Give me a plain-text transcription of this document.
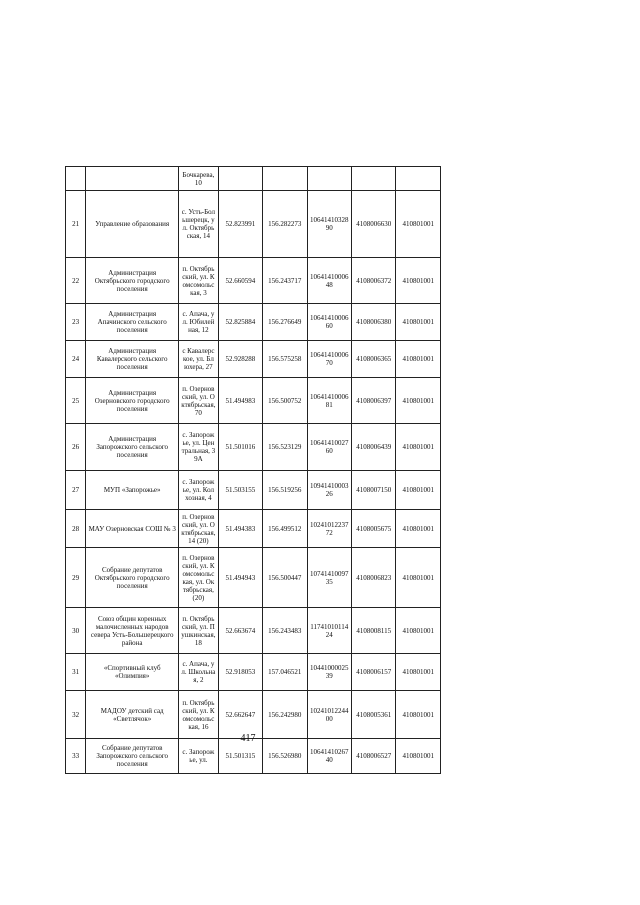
		Бочкарева, 10					
21	Управление образования	с. Усть-Большерецк, ул. Октябрьская, 14	52.823991	156.282273	1064141032890	4108006630	410801001
22	Администрация Октябрьского городского поселения	п. Октябрьский, ул. Комсомольская, 3	52.660594	156.243717	1064141000648	4108006372	410801001
23	Администрация Апачинского сельского поселения	с. Апача, ул. Юбилейная, 12	52.825884	156.276649	1064141000660	4108006380	410801001
24	Администрация Кавалерского сельского поселения	с Кавалерское, ул. Блюхера, 27	52.928288	156.575258	1064141000670	4108006365	410801001
25	Администрация Озерновского городского поселения	п. Озерновский, ул. Октябрьская, 70	51.494983	156.500752	1064141000681	4108006397	410801001
26	Администрация Запорожского сельского поселения	с. Запорожье, ул. Центральная, 39А	51.501016	156.523129	1064141002760	4108006439	410801001
27	МУП «Запорожье»	с. Запорожье, ул. Колхозная, 4	51.503155	156.519256	1094141000326	4108007150	410801001
28	МАУ Озерновская СОШ № 3	п. Озерновский, ул. Октябрьская, 14 (20)	51.494383	156.499512	1024101223772	4108005675	410801001
29	Собрание депутатов Октябрьского городского поселения	п. Озерновский, ул. Комсомольская, ул. Октябрьская, (20)	51.494943	156.500447	1074141009735	4108006823	410801001
30	Союз общин коренных малочисленных народов севера Усть-Большерецкого района	п. Октябрьский, ул. Пушкинская, 18	52.663674	156.243483	1174101011424	4108008115	410801001
31	«Спортивный клуб «Олимпия»	с. Апача, ул. Школьная, 2	52.918053	157.046521	1044100002539	4108006157	410801001
32	МАДОУ детский сад «Светлячок»	п. Октябрьский, ул. Комсомольская, 16	52.662647	156.242980	1024101224400	4108005361	410801001
33	Собрание депутатов Запорожского сельского поселения	с. Запорожье, ул.	51.501315	156.526980	1064141026740	4108006527	410801001
417
